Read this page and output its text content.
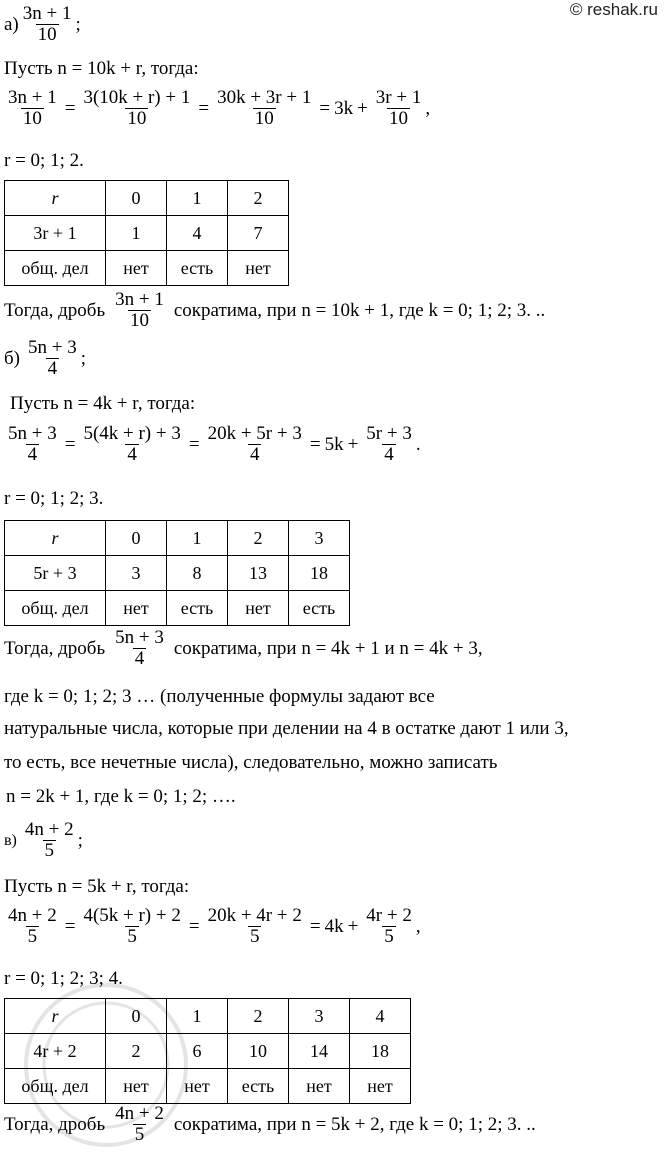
© reshak.ru
$а) \frac{3n + 1}{10}$ ;
Пусть n = 10k + r, тогда:
$\frac{3n + 1}{10} = \frac{3(10k + r) + 1}{10} = \frac{30k + 3r + 1}{10} = 3k + \frac{3r + 1}{10}$ ,
r = 0; 1; 2.
r	0	1	2
3r + 1	1	4	7
общ. дел	нет	есть	нет
Тогда, дробь $\frac{3n + 1}{10}$ сократима, при n = 10k + 1, где k = 0; 1; 2; 3. ..
$б) \frac{5n + 3}{4}$ ;
Пусть n = 4k + r, тогда:
$\frac{5n + 3}{4} = \frac{5(4k + r) + 3}{4} = \frac{20k + 5r + 3}{4} = 5k + \frac{5r + 3}{4}$ .
r = 0; 1; 2; 3.
r	0	1	2	3
5r + 3	3	8	13	18
общ. дел	нет	есть	нет	есть
Тогда, дробь $\frac{5n + 3}{4}$ сократима, при n = 4k + 1 и n = 4k + 3,
где k = 0; 1; 2; 3 … (полученные формулы задают все
натуральные числа, которые при делении на 4 в остатке дают 1 или 3,
то есть, все нечетные числа), следовательно, можно записать
n = 2k + 1, где k = 0; 1; 2; ….
$в) \frac{4n + 2}{5}$ ;
Пусть n = 5k + r, тогда:
$\frac{4n + 2}{5} = \frac{4(5k + r) + 2}{5} = \frac{20k + 4r + 2}{5} = 4k + \frac{4r + 2}{5}$ ,
r = 0; 1; 2; 3; 4.
r	0	1	2	3	4
4r + 2	2	6	10	14	18
общ. дел	нет	нет	есть	нет	нет
Тогда, дробь $\frac{4n + 2}{5}$ сократима, при n = 5k + 2, где k = 0; 1; 2; 3. ..
